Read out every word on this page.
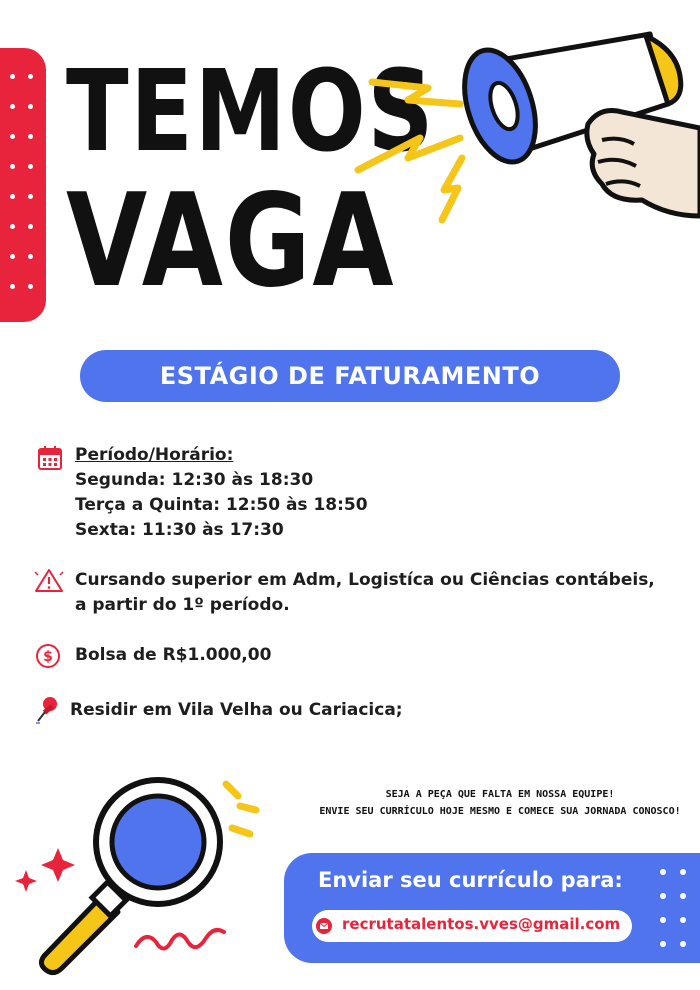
TEMOS
VAGA
ESTÁGIO DE FATURAMENTO
Período/Horário:
Segunda: 12:30 às 18:30
Terça a Quinta: 12:50 às 18:50
Sexta: 11:30 às 17:30
Cursando superior em Adm, Logistíca ou Ciências contábeis,
a partir do 1º período.
$ Bolsa de R$1.000,00
Residir em Vila Velha ou Cariacica;
SEJA A PEÇA QUE FALTA EM NOSSA EQUIPE!
ENVIE SEU CURRÍCULO HOJE MESMO E COMECE SUA JORNADA CONOSCO!
Enviar seu currículo para:
recrutatalentos.vves@gmail.com
